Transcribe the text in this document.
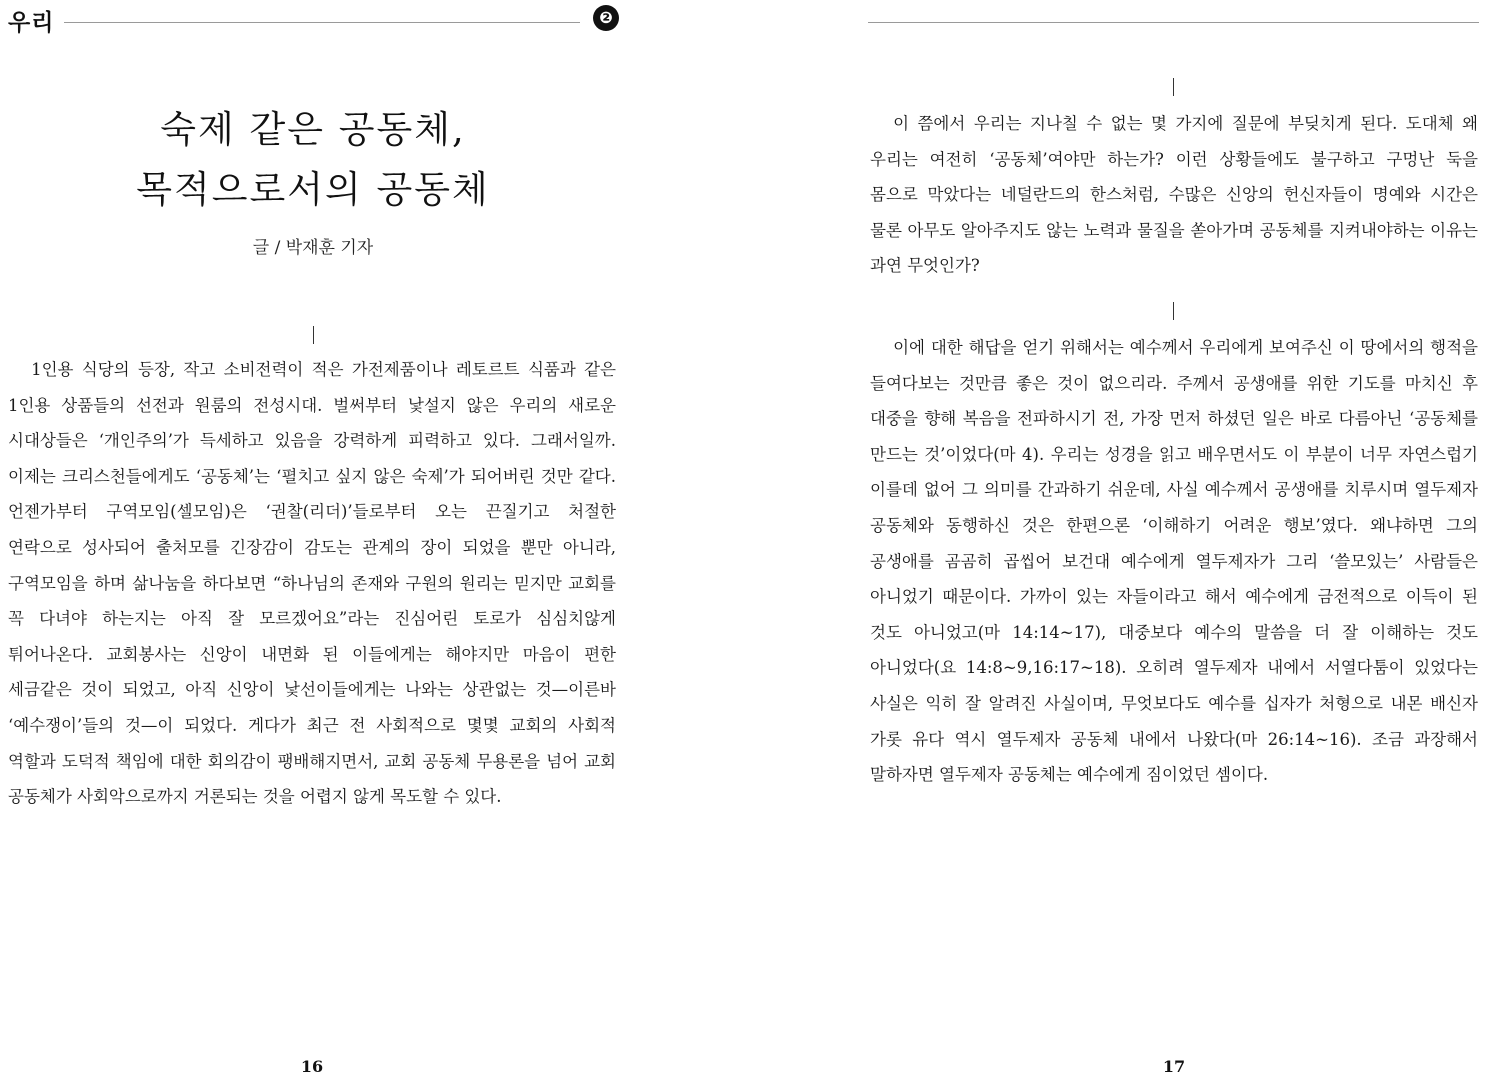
우리	❷
숙제 같은 공동체,
목적으로서의 공동체
글 / 박재훈 기자

1인용 식당의 등장, 작고 소비전력이 적은 가전제품이나 레토르트 식품과 같은 1인용 상품들의 선전과 원룸의 전성시대. 벌써부터 낯설지 않은 우리의 새로운 시대상들은 ‘개인주의’가 득세하고 있음을 강력하게 피력하고 있다. 그래서일까. 이제는 크리스천들에게도 ‘공동체’는 ‘펼치고 싶지 않은 숙제’가 되어버린 것만 같다. 언젠가부터 구역모임(셀모임)은 ‘권찰(리더)’들로부터 오는 끈질기고 처절한 연락으로 성사되어 출처모를 긴장감이 감도는 관계의 장이 되었을 뿐만 아니라, 구역모임을 하며 삶나눔을 하다보면 “하나님의 존재와 구원의 원리는 믿지만 교회를 꼭 다녀야 하는지는 아직 잘 모르겠어요”라는 진심어린 토로가 심심치않게 튀어나온다. 교회봉사는 신앙이 내면화 된 이들에게는 해야지만 마음이 편한 세금같은 것이 되었고, 아직 신앙이 낯선이들에게는 나와는 상관없는 것—이른바 ‘예수쟁이’들의 것—이 되었다. 게다가 최근 전 사회적으로 몇몇 교회의 사회적 역할과 도덕적 책임에 대한 회의감이 팽배해지면서, 교회 공동체 무용론을 넘어 교회 공동체가 사회악으로까지 거론되는 것을 어렵지 않게 목도할 수 있다.

16

이 쯤에서 우리는 지나칠 수 없는 몇 가지에 질문에 부딪치게 된다. 도대체 왜 우리는 여전히 ‘공동체’여야만 하는가? 이런 상황들에도 불구하고 구멍난 둑을 몸으로 막았다는 네덜란드의 한스처럼, 수많은 신앙의 헌신자들이 명예와 시간은 물론 아무도 알아주지도 않는 노력과 물질을 쏟아가며 공동체를 지켜내야하는 이유는 과연 무엇인가?

이에 대한 해답을 얻기 위해서는 예수께서 우리에게 보여주신 이 땅에서의 행적을 들여다보는 것만큼 좋은 것이 없으리라. 주께서 공생애를 위한 기도를 마치신 후 대중을 향해 복음을 전파하시기 전, 가장 먼저 하셨던 일은 바로 다름아닌 ‘공동체를 만드는 것’이었다(마 4). 우리는 성경을 읽고 배우면서도 이 부분이 너무 자연스럽기 이를데 없어 그 의미를 간과하기 쉬운데, 사실 예수께서 공생애를 치루시며 열두제자 공동체와 동행하신 것은 한편으론 ‘이해하기 어려운 행보’였다. 왜냐하면 그의 공생애를 곰곰히 곱씹어 보건대 예수에게 열두제자가 그리 ‘쓸모있는’ 사람들은 아니었기 때문이다. 가까이 있는 자들이라고 해서 예수에게 금전적으로 이득이 된 것도 아니었고(마 14:14~17), 대중보다 예수의 말씀을 더 잘 이해하는 것도 아니었다(요 14:8~9,16:17~18). 오히려 열두제자 내에서 서열다툼이 있었다는 사실은 익히 잘 알려진 사실이며, 무엇보다도 예수를 십자가 처형으로 내몬 배신자 가롯 유다 역시 열두제자 공동체 내에서 나왔다(마 26:14~16). 조금 과장해서 말하자면 열두제자 공동체는 예수에게 짐이었던 셈이다.

17
